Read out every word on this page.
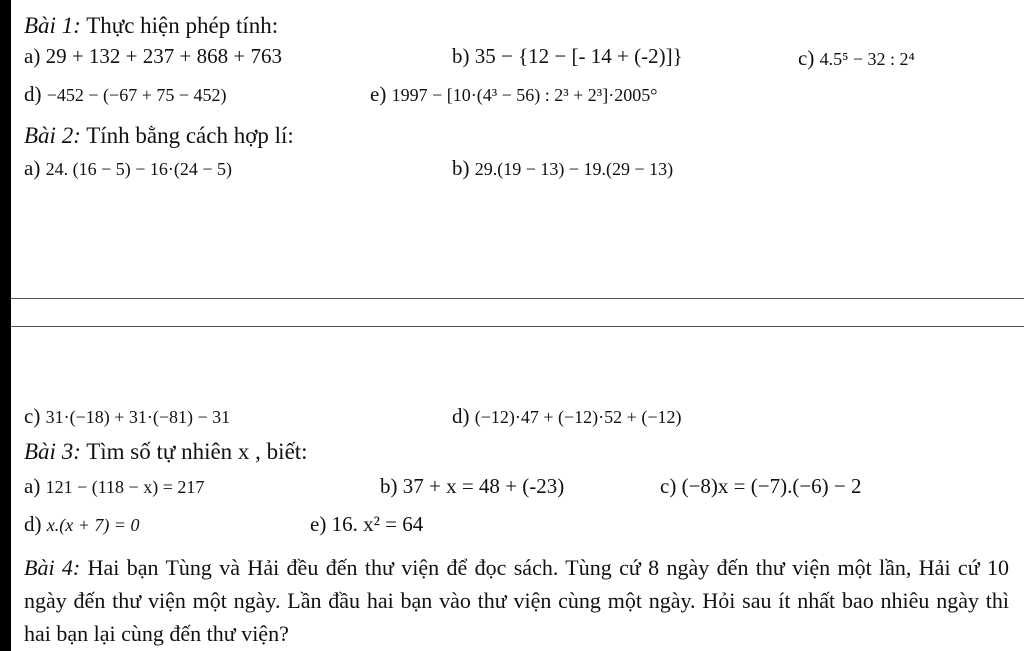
Bài 1: Thực hiện phép tính:
a) 29 + 132 + 237 + 868 + 763	b) 35 − {12 − [- 14 + (-2)]}	c) 4.5⁵ − 32 : 2⁴
d) −452 − (−67 + 75 − 452)	e) 1997 − [10·(4³ − 56) : 2³ + 2³]·2005°
Bài 2: Tính bằng cách hợp lí:
a) 24. (16 − 5) − 16·(24 − 5)	b) 29.(19 − 13) − 19.(29 − 13)
c) 31·(−18) + 31·(−81) − 31	d) (−12)·47 + (−12)·52 + (−12)
Bài 3: Tìm số tự nhiên x , biết:
a) 121 − (118 − x) = 217	b) 37 + x = 48 + (-23)	c) (−8)x = (−7).(−6) − 2
d) x.(x + 7) = 0	e) 16. x² = 64
Bài 4: Hai bạn Tùng và Hải đều đến thư viện để đọc sách. Tùng cứ 8 ngày đến thư viện một lần, Hải cứ 10 ngày đến thư viện một ngày. Lần đầu hai bạn vào thư viện cùng một ngày. Hỏi sau ít nhất bao nhiêu ngày thì hai bạn lại cùng đến thư viện?
